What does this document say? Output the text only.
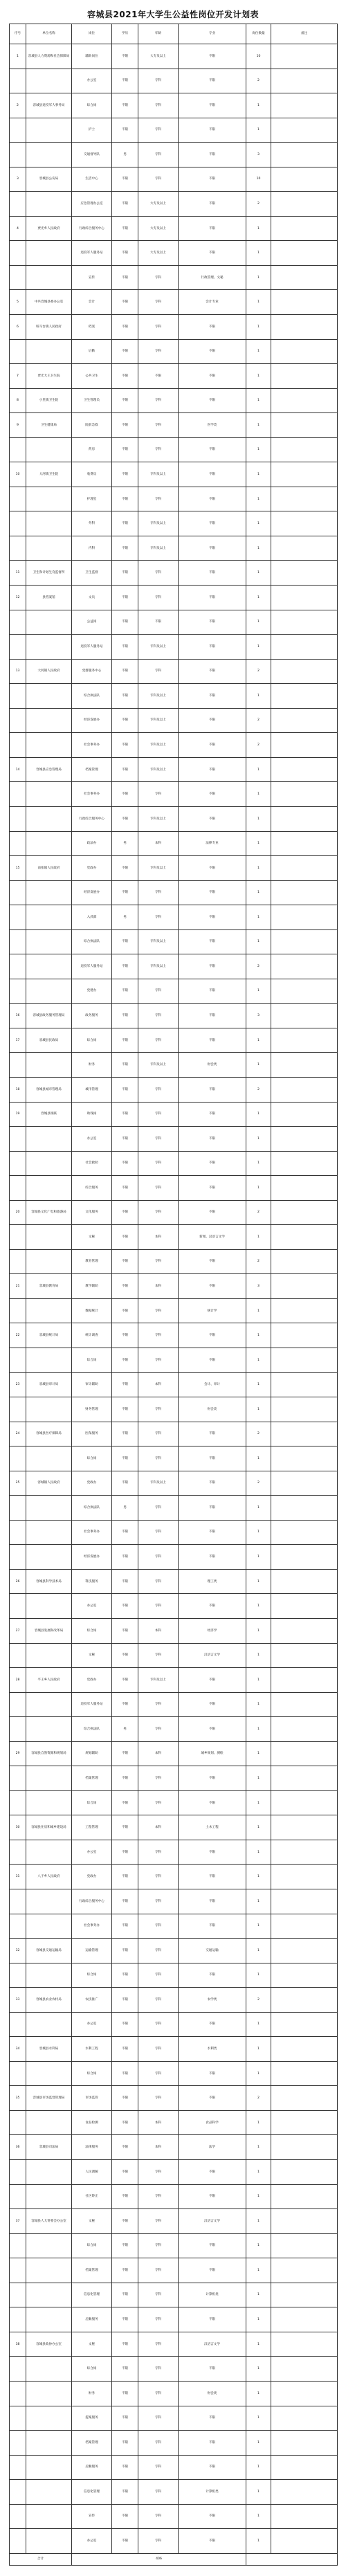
容城县2021年大学生公益性岗位开发计划表
序号	单位名称	岗位	学历	年龄	专业	岗位数量	备注
1	容城县人力资源和社会保障局	辅助岗位	不限	大专及以上	不限	10	
		办公室	不限	专科	不限	2	
2	容城县退役军人事务局	综合岗	不限	专科	不限	1	
		护士	不限	专科	不限	1	
		交通督导队	男	专科	不限	3	
3	容城县公安局	生活中心	不限	专科	不限	10	
		应急管理办公室	不限	大专及以上	不限	2	
4	贾光乡人民政府	行政综合服务中心	不限	大专及以上	不限	1	
		退役军人服务站	不限	大专及以上	不限	1	
		宣传	不限	专科	行政管理、文秘	1	
5	中共容城县委办公室	会计	不限	专科	会计专业	1	
6	晾马台镇人民政府	档案	不限	专科	不限	1	
		后勤	不限	专科	不限	1	
7	贾光大王卫生院	公共卫生	不限	不限	不限	1	
8	小里镇卫生院	卫生管理员	不限	专科	不限	1	
9	卫生健康局	院前急救	不限	专科	医学类	1	
		药房	不限	专科	不限	1	
10	大河镇卫生院	收费员	不限	专科及以上	不限	1	
		护理室	不限	专科	不限	1	
		外科	不限	专科及以上	不限	1	
		内科	不限	专科及以上	不限	1	
11	卫生和计划生育监督所	卫生监督	不限	专科	不限	1	
12	县档案馆	文员	不限	专科	不限	1	
		公益岗	不限	不限	不限	1	
		退役军人服务站	不限	专科及以上	不限	1	
13	大河镇人民政府	党群服务中心	不限	专科	不限	2	
		综合执法队	不限	专科及以上	不限	1	
		经济发展办	不限	专科及以上	不限	2	
		社会事务办	不限	专科及以上	不限	2	
14	容城县应急管理局	档案管理	不限	专科及以上	不限	1	
		社会事务办	不限	专科	不限	1	
		行政综合服务中心	不限	专科及以上	不限	1	
		政法办	男	本科	法律专业	1	
15	南张镇人民政府	党政办	不限	专科及以上	不限	1	
		经济发展办	不限	专科	不限	1	
		入武部	男	专科	不限	1	
		综合执法队	不限	专科及以上	不限	1	
		退役军人服务站	不限	专科及以上	不限	2	
		党建办	不限	专科	不限	1	
16	容城县政务服务管理局	政务服务	不限	专科	不限	3	
17	容城县民政局	综合岗	不限	专科	不限	1	
		财务	不限	专科及以上	财会类	1	
18	容城县城市管理局	城市管理	不限	专科	不限	2	
19	容城县残联	助残岗	不限	专科	不限	1	
		办公室	不限	专科	不限	1	
		社会救助	不限	专科	不限	1	
		综合服务	不限	专科	不限	1	
20	容城县文化广电和旅游局	文化服务	不限	专科	不限	2	
		文秘	不限	本科	新闻、汉语言文学	1	
		教育管理	不限	专科	不限	2	
21	容城县教育局	教学辅助	不限	本科	不限	3	
		数据统计	不限	专科	统计学	1	
22	容城县统计局	统计调查	不限	专科	不限	1	
		综合岗	不限	专科	不限	1	
23	容城县审计局	审计辅助	不限	本科	会计、审计	1	
		财务管理	不限	专科	财会类	1	
24	容城县医疗保障局	医保服务	不限	专科	不限	2	
		综合岗	不限	专科	不限	1	
25	容城镇人民政府	党政办	不限	专科及以上	不限	2	
		综合执法队	男	专科	不限	1	
		社会事务办	不限	专科	不限	1	
		经济发展办	不限	专科	不限	1	
26	容城县科学技术局	科技服务	不限	专科	理工类	1	
		办公室	不限	专科	不限	1	
27	容城县发展和改革局	综合岗	不限	本科	经济学	1	
		文秘	不限	专科	汉语言文学	1	
28	平王乡人民政府	党政办	不限	专科及以上	不限	1	
		退役军人服务站	不限	专科	不限	1	
		综合执法队	男	专科	不限	1	
29	容城县自然资源和规划局	规划辅助	不限	本科	城乡规划、测绘	1	
		档案管理	不限	专科	不限	1	
		综合岗	不限	专科	不限	1	
30	容城县住房和城乡建设局	工程管理	不限	本科	土木工程	1	
		办公室	不限	专科	不限	1	
31	八于乡人民政府	党政办	不限	专科	不限	1	
		行政综合服务中心	不限	专科	不限	1	
		社会事务办	不限	专科	不限	1	
32	容城县交通运输局	运输管理	不限	专科	交通运输	1	
		综合岗	不限	专科	不限	1	
33	容城县农业农村局	农技推广	不限	专科	农学类	2	
		办公室	不限	专科	不限	1	
34	容城县水利局	水利工程	不限	专科	水利类	1	
		综合岗	不限	专科	不限	1	
35	容城县市场监督管理局	市场监管	不限	专科	不限	2	
		食品检测	不限	本科	食品科学	1	
36	容城县司法局	法律服务	不限	本科	法学	1	
		人民调解	不限	专科	不限	1	
		社区矫正	不限	专科	不限	1	
37	容城县人大常委会办公室	文秘	不限	专科	汉语言文学	1	
		综合岗	不限	专科	不限	1	
		档案管理	不限	专科	不限	1	
		信息化管理	不限	专科	计算机类	1	
		后勤服务	不限	专科	不限	1	
38	容城县政协办公室	文秘	不限	专科	汉语言文学	1	
		综合岗	不限	专科	不限	1	
		财务	不限	专科	财会类	1	
		提案服务	不限	专科	不限	1	
		档案管理	不限	专科	不限	1	
		后勤服务	不限	专科	不限	1	
		信息化管理	不限	专科	计算机类	1	
		宣传	不限	专科	不限	1	
		办公室	不限	专科	不限	1	
合计		406					
